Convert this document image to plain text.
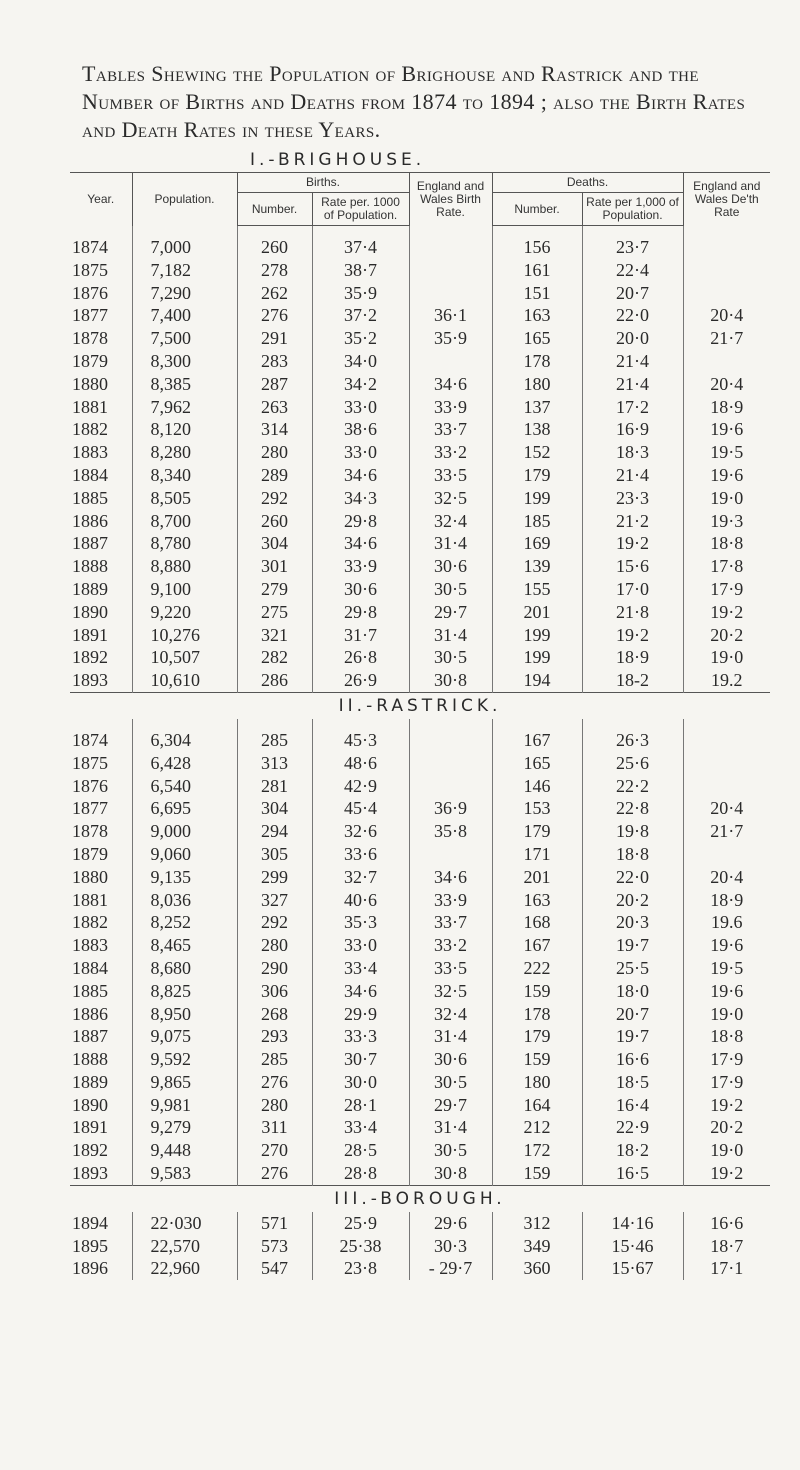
Tables Shewing the Population of Brighouse and Rastrick and the Number of Births and Deaths from 1874 to 1894 ; also the Birth Rates and Death Rates in these Years.
I.-BRIGHOUSE.
Year.	Population.	Births.		England and Wales Birth Rate.	Deaths.		England and Wales De'th Rate
		Number.	Rate per. 1000 of Population.		Number.	Rate per 1,000 of Population.	

1874	7,000	260	37·4		156	23·7	
1875	7,182	278	38·7		161	22·4	
1876	7,290	262	35·9		151	20·7	
1877	7,400	276	37·2	36·1	163	22·0	20·4
1878	7,500	291	35·2	35·9	165	20·0	21·7
1879	8,300	283	34·0		178	21·4	
1880	8,385	287	34·2	34·6	180	21·4	20·4
1881	7,962	263	33·0	33·9	137	17·2	18·9
1882	8,120	314	38·6	33·7	138	16·9	19·6
1883	8,280	280	33·0	33·2	152	18·3	19·5
1884	8,340	289	34·6	33·5	179	21·4	19·6
1885	8,505	292	34·3	32·5	199	23·3	19·0
1886	8,700	260	29·8	32·4	185	21·2	19·3
1887	8,780	304	34·6	31·4	169	19·2	18·8
1888	8,880	301	33·9	30·6	139	15·6	17·8
1889	9,100	279	30·6	30·5	155	17·0	17·9
1890	9,220	275	29·8	29·7	201	21·8	19·2
1891	10,276	321	31·7	31·4	199	19·2	20·2
1892	10,507	282	26·8	30·5	199	18·9	19·0
1893	10,610	286	26·9	30·8	194	18-2	19.2
II.-RASTRICK.							

1874	6,304	285	45·3		167	26·3	
1875	6,428	313	48·6		165	25·6	
1876	6,540	281	42·9		146	22·2	
1877	6,695	304	45·4	36·9	153	22·8	20·4
1878	9,000	294	32·6	35·8	179	19·8	21·7
1879	9,060	305	33·6		171	18·8	
1880	9,135	299	32·7	34·6	201	22·0	20·4
1881	8,036	327	40·6	33·9	163	20·2	18·9
1882	8,252	292	35·3	33·7	168	20·3	19.6
1883	8,465	280	33·0	33·2	167	19·7	19·6
1884	8,680	290	33·4	33·5	222	25·5	19·5
1885	8,825	306	34·6	32·5	159	18·0	19·6
1886	8,950	268	29·9	32·4	178	20·7	19·0
1887	9,075	293	33·3	31·4	179	19·7	18·8
1888	9,592	285	30·7	30·6	159	16·6	17·9
1889	9,865	276	30·0	30·5	180	18·5	17·9
1890	9,981	280	28·1	29·7	164	16·4	19·2
1891	9,279	311	33·4	31·4	212	22·9	20·2
1892	9,448	270	28·5	30·5	172	18·2	19·0
1893	9,583	276	28·8	30·8	159	16·5	19·2
III.-BOROUGH.							
1894	22·030	571	25·9	29·6	312	14·16	16·6
1895	22,570	573	25·38	30·3	349	15·46	18·7
1896	22,960	547	23·8	- 29·7	360	15·67	17·1
